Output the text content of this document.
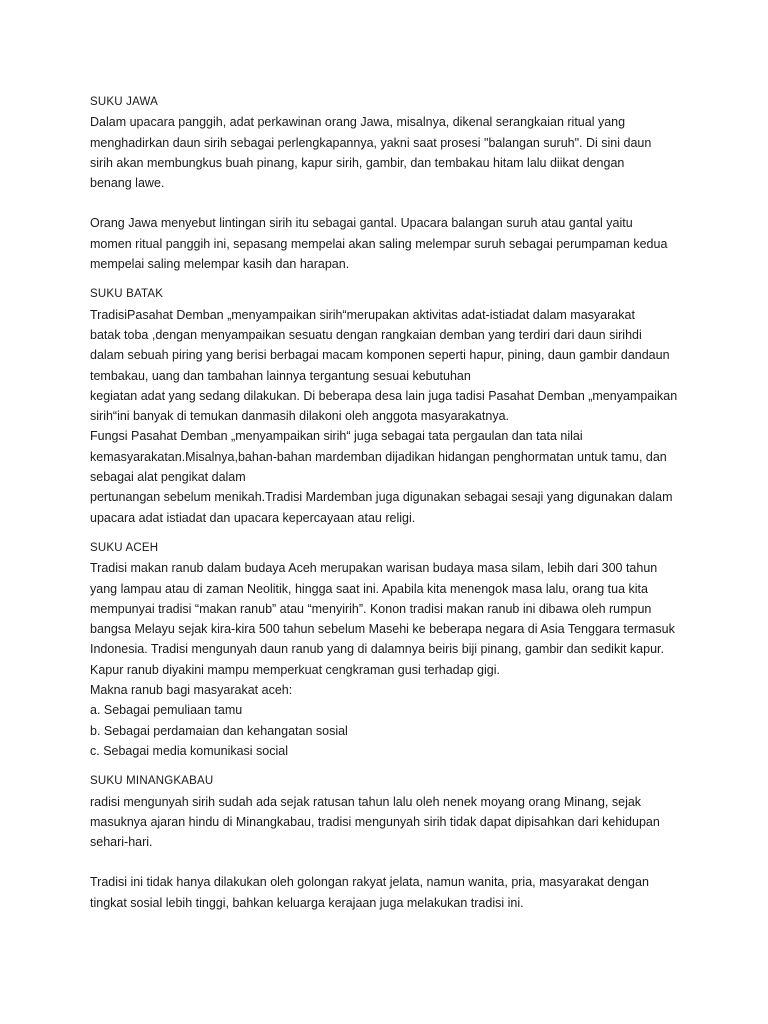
SUKU JAWA
Dalam upacara panggih, adat perkawinan orang Jawa, misalnya, dikenal serangkaian ritual yang
menghadirkan daun sirih sebagai perlengkapannya, yakni saat prosesi "balangan suruh". Di sini daun
sirih akan membungkus buah pinang, kapur sirih, gambir, dan tembakau hitam lalu diikat dengan
benang lawe.
Orang Jawa menyebut lintingan sirih itu sebagai gantal. Upacara balangan suruh atau gantal yaitu
momen ritual panggih ini, sepasang mempelai akan saling melempar suruh sebagai perumpaman kedua
mempelai saling melempar kasih dan harapan.
SUKU BATAK
TradisiPasahat Demban „menyampaikan sirih“merupakan aktivitas adat-istiadat dalam masyarakat
batak toba ,dengan menyampaikan sesuatu dengan rangkaian demban yang terdiri dari daun sirihdi
dalam sebuah piring yang berisi berbagai macam komponen seperti hapur, pining, daun gambir dandaun
tembakau, uang dan tambahan lainnya tergantung sesuai kebutuhan
kegiatan adat yang sedang dilakukan. Di beberapa desa lain juga tadisi Pasahat Demban „menyampaikan
sirih“ini banyak di temukan danmasih dilakoni oleh anggota masyarakatnya.
Fungsi Pasahat Demban „menyampaikan sirih“ juga sebagai tata pergaulan dan tata nilai
kemasyarakatan.Misalnya,bahan-bahan mardemban dijadikan hidangan penghormatan untuk tamu, dan
sebagai alat pengikat dalam
pertunangan sebelum menikah.Tradisi Mardemban juga digunakan sebagai sesaji yang digunakan dalam
upacara adat istiadat dan upacara kepercayaan atau religi.
SUKU ACEH
Tradisi makan ranub dalam budaya Aceh merupakan warisan budaya masa silam, lebih dari 300 tahun
yang lampau atau di zaman Neolitik, hingga saat ini. Apabila kita menengok masa lalu, orang tua kita
mempunyai tradisi “makan ranub” atau “menyirih”. Konon tradisi makan ranub ini dibawa oleh rumpun
bangsa Melayu sejak kira-kira 500 tahun sebelum Masehi ke beberapa negara di Asia Tenggara termasuk
Indonesia. Tradisi mengunyah daun ranub yang di dalamnya beiris biji pinang, gambir dan sedikit kapur.
Kapur ranub diyakini mampu memperkuat cengkraman gusi terhadap gigi.
Makna ranub bagi masyarakat aceh:
a. Sebagai pemuliaan tamu
b. Sebagai perdamaian dan kehangatan sosial
c. Sebagai media komunikasi social
SUKU MINANGKABAU
radisi mengunyah sirih sudah ada sejak ratusan tahun lalu oleh nenek moyang orang Minang, sejak
masuknya ajaran hindu di Minangkabau, tradisi mengunyah sirih tidak dapat dipisahkan dari kehidupan
sehari-hari.
Tradisi ini tidak hanya dilakukan oleh golongan rakyat jelata, namun wanita, pria, masyarakat dengan
tingkat sosial lebih tinggi, bahkan keluarga kerajaan juga melakukan tradisi ini.
